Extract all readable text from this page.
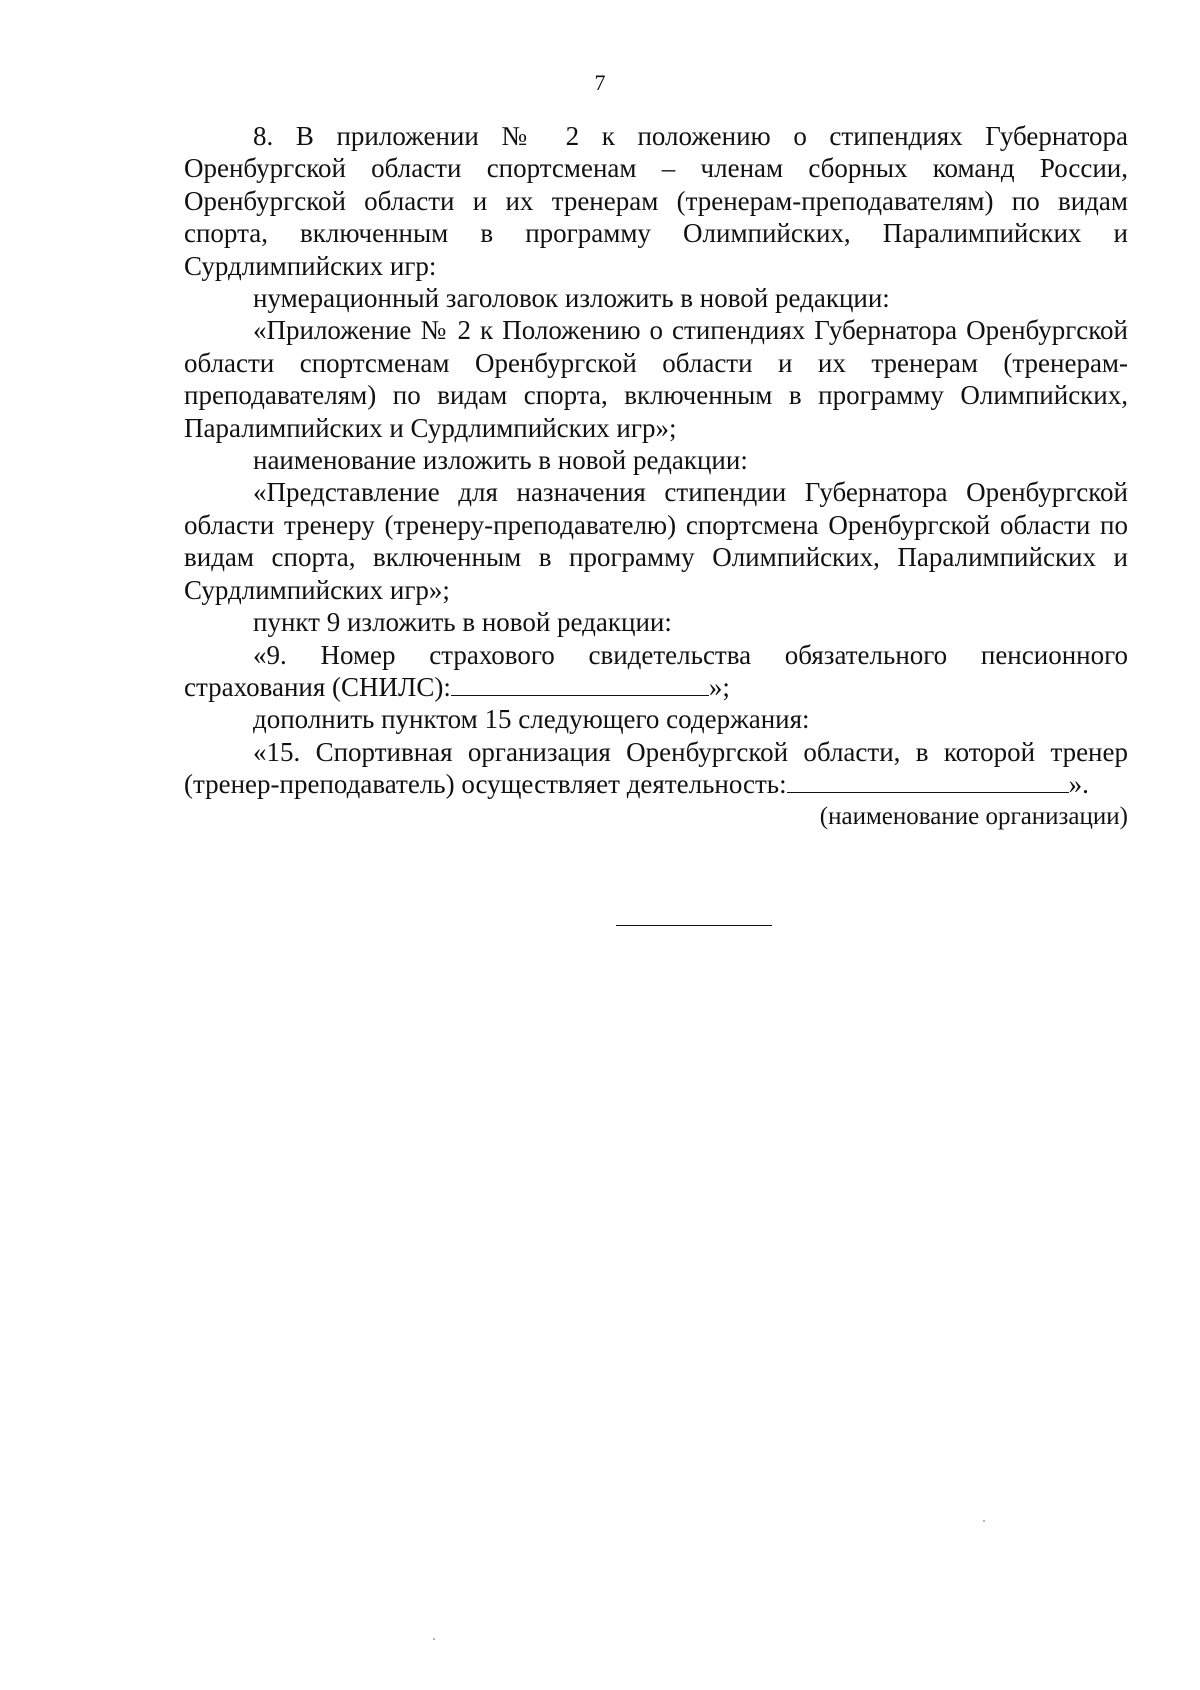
7

8. В приложении № 2 к положению о стипендиях Губернатора Оренбургской области спортсменам – членам сборных команд России, Оренбургской области и их тренерам (тренерам-преподавателям) по видам спорта, включенным в программу Олимпийских, Паралимпийских и Сурдлимпийских игр:

нумерационный заголовок изложить в новой редакции:

«Приложение № 2 к Положению о стипендиях Губернатора Оренбургской области спортсменам Оренбургской области и их тренерам (тренерам-преподавателям) по видам спорта, включенным в программу Олимпийских, Паралимпийских и Сурдлимпийских игр»;

наименование изложить в новой редакции:

«Представление для назначения стипендии Губернатора Оренбургской области тренеру (тренеру-преподавателю) спортсмена Оренбургской области по видам спорта, включенным в программу Олимпийских, Паралимпийских и Сурдлимпийских игр»;

пункт 9 изложить в новой редакции:

«9. Номер страхового свидетельства обязательного пенсионного страхования (СНИЛС):	»;

дополнить пунктом 15 следующего содержания:

«15. Спортивная организация Оренбургской области, в которой тренер (тренер-преподаватель) осуществляет деятельность:	».

(наименование организации)
